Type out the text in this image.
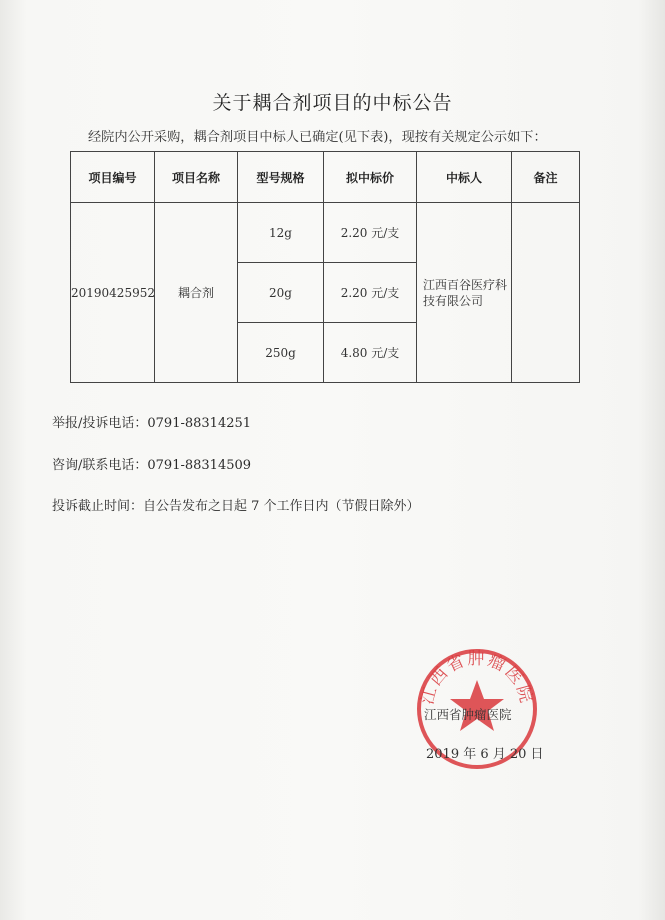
关于耦合剂项目的中标公告
经院内公开采购，耦合剂项目中标人已确定(见下表)，现按有关规定公示如下：
项目编号	项目名称	型号规格	拟中标价	中标人	备注
20190425952	耦合剂	12g	2.20 元/支	江西百谷医疗科技有限公司	
		20g	2.20 元/支		
		250g	4.80 元/支		
举报/投诉电话：0791-88314251
咨询/联系电话：0791-88314509
投诉截止时间：自公告发布之日起 7 个工作日内（节假日除外）
江西省肿瘤医院
江西省肿瘤医院
2019 年 6 月 20 日
